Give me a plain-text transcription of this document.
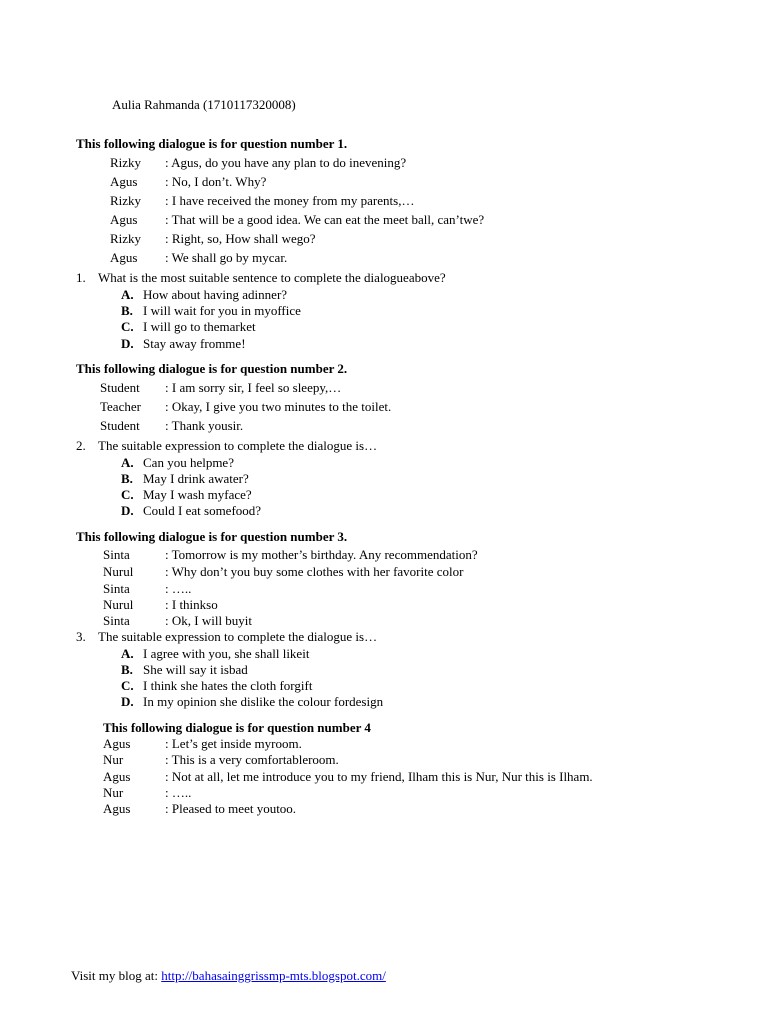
Aulia Rahmanda (1710117320008)
This following dialogue is for question number 1.
Rizky : Agus, do you have any plan to do inevening?
Agus : No, I don’t. Why?
Rizky : I have received the money from my parents,…
Agus : That will be a good idea. We can eat the meet ball, can’twe?
Rizky : Right, so, How shall wego?
Agus : We shall go by mycar.
1. What is the most suitable sentence to complete the dialogueabove?
A. How about having adinner?
B. I will wait for you in myoffice
C. I will go to themarket
D. Stay away fromme!
This following dialogue is for question number 2.
Student : I am sorry sir, I feel so sleepy,…
Teacher : Okay, I give you two minutes to the toilet.
Student : Thank yousir.
2. The suitable expression to complete the dialogue is…
A. Can you helpme?
B. May I drink awater?
C. May I wash myface?
D. Could I eat somefood?
This following dialogue is for question number 3.
Sinta	: Tomorrow is my mother’s birthday. Any recommendation?
Nurul : Why don’t you buy some clothes with her favorite color
Sinta	: …..
Nurul : I thinkso
Sinta	: Ok, I will buyit
3. The suitable expression to complete the dialogue is…
A. I agree with you, she shall likeit
B. She will say it isbad
C. I think she hates the cloth forgift
D. In my opinion she dislike the colour fordesign
This following dialogue is for question number 4
Agus	: Let’s get inside myroom.
Nur	: This is a very comfortableroom.
Agus	: Not at all, let me introduce you to my friend, Ilham this is Nur, Nur this is Ilham.
Nur	: …..
Agus	: Pleased to meet youtoo.
Visit my blog at: http://bahasainggrissmp-mts.blogspot.com/
